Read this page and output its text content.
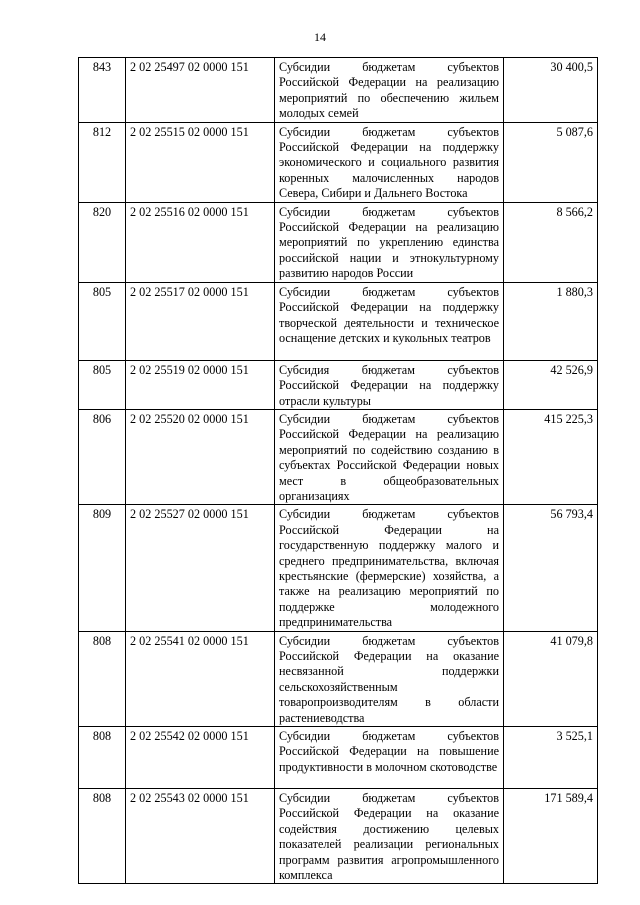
14
843	2 02 25497 02 0000 151	Субсидии бюджетам субъектов Российской Федерации на реализацию мероприятий по обеспечению жильем молодых семей	30 400,5
812	2 02 25515 02 0000 151	Субсидии бюджетам субъектов Российской Федерации на поддержку экономического и социального развития коренных малочисленных народов Севера, Сибири и Дальнего Востока	5 087,6
820	2 02 25516 02 0000 151	Субсидии бюджетам субъектов Российской Федерации на реализацию мероприятий по укреплению единства российской нации и этнокультурному развитию народов России	8 566,2
805	2 02 25517 02 0000 151	Субсидии бюджетам субъектов Российской Федерации на поддержку творческой деятельности и техническое оснащение детских и кукольных театров	1 880,3
805	2 02 25519 02 0000 151	Субсидия бюджетам субъектов Российской Федерации на поддержку отрасли культуры	42 526,9
806	2 02 25520 02 0000 151	Субсидии бюджетам субъектов Российской Федерации на реализацию мероприятий по содействию созданию в субъектах Российской Федерации новых мест в общеобразовательных организациях	415 225,3
809	2 02 25527 02 0000 151	Субсидии бюджетам субъектов Российской Федерации на государственную поддержку малого и среднего предпринимательства, включая крестьянские (фермерские) хозяйства, а также на реализацию мероприятий по поддержке молодежного предпринимательства	56 793,4
808	2 02 25541 02 0000 151	Субсидии бюджетам субъектов Российской Федерации на оказание несвязанной поддержки сельскохозяйственным товаропроизводителям в области растениеводства	41 079,8
808	2 02 25542 02 0000 151	Субсидии бюджетам субъектов Российской Федерации на повышение продуктивности в молочном скотоводстве	3 525,1
808	2 02 25543 02 0000 151	Субсидии бюджетам субъектов Российской Федерации на оказание содействия достижению целевых показателей реализации региональных программ развития агропромышленного комплекса	171 589,4
